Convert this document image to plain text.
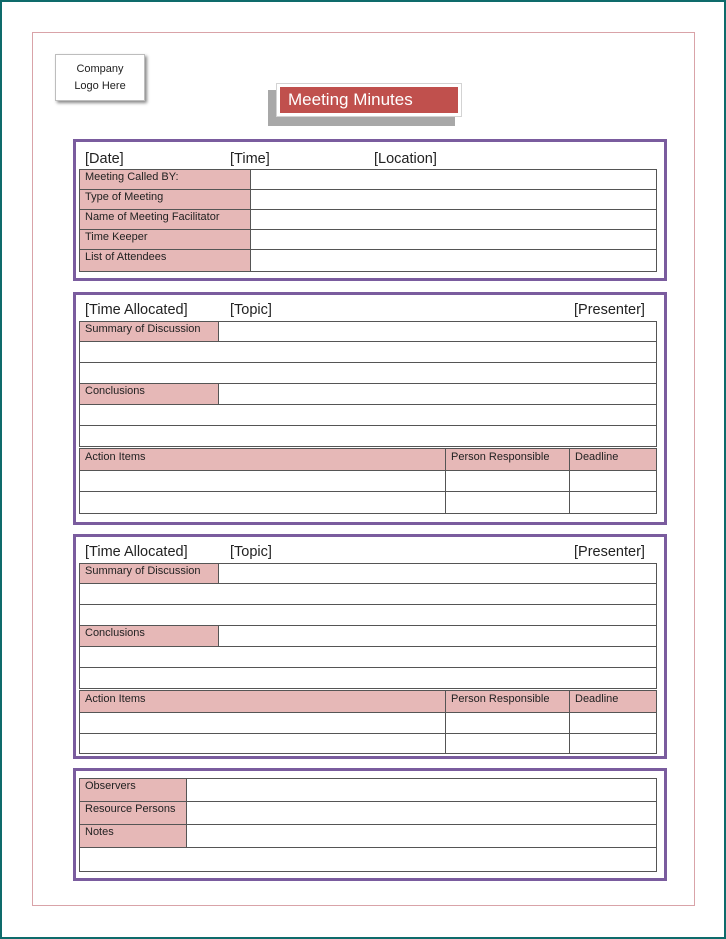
Company
Logo Here
Meeting Minutes
[Date]	[Time]	[Location]
Meeting Called BY:	
Type of Meeting	
Name of Meeting Facilitator	
Time Keeper	
List of Attendees	
[Time Allocated]	[Topic]	[Presenter]
Summary of Discussion	

Conclusions	

Action Items	Person Responsible	Deadline

[Time Allocated]	[Topic]	[Presenter]
Summary of Discussion	

Conclusions	

Action Items	Person Responsible	Deadline

Observers	
Resource Persons	
Notes	
